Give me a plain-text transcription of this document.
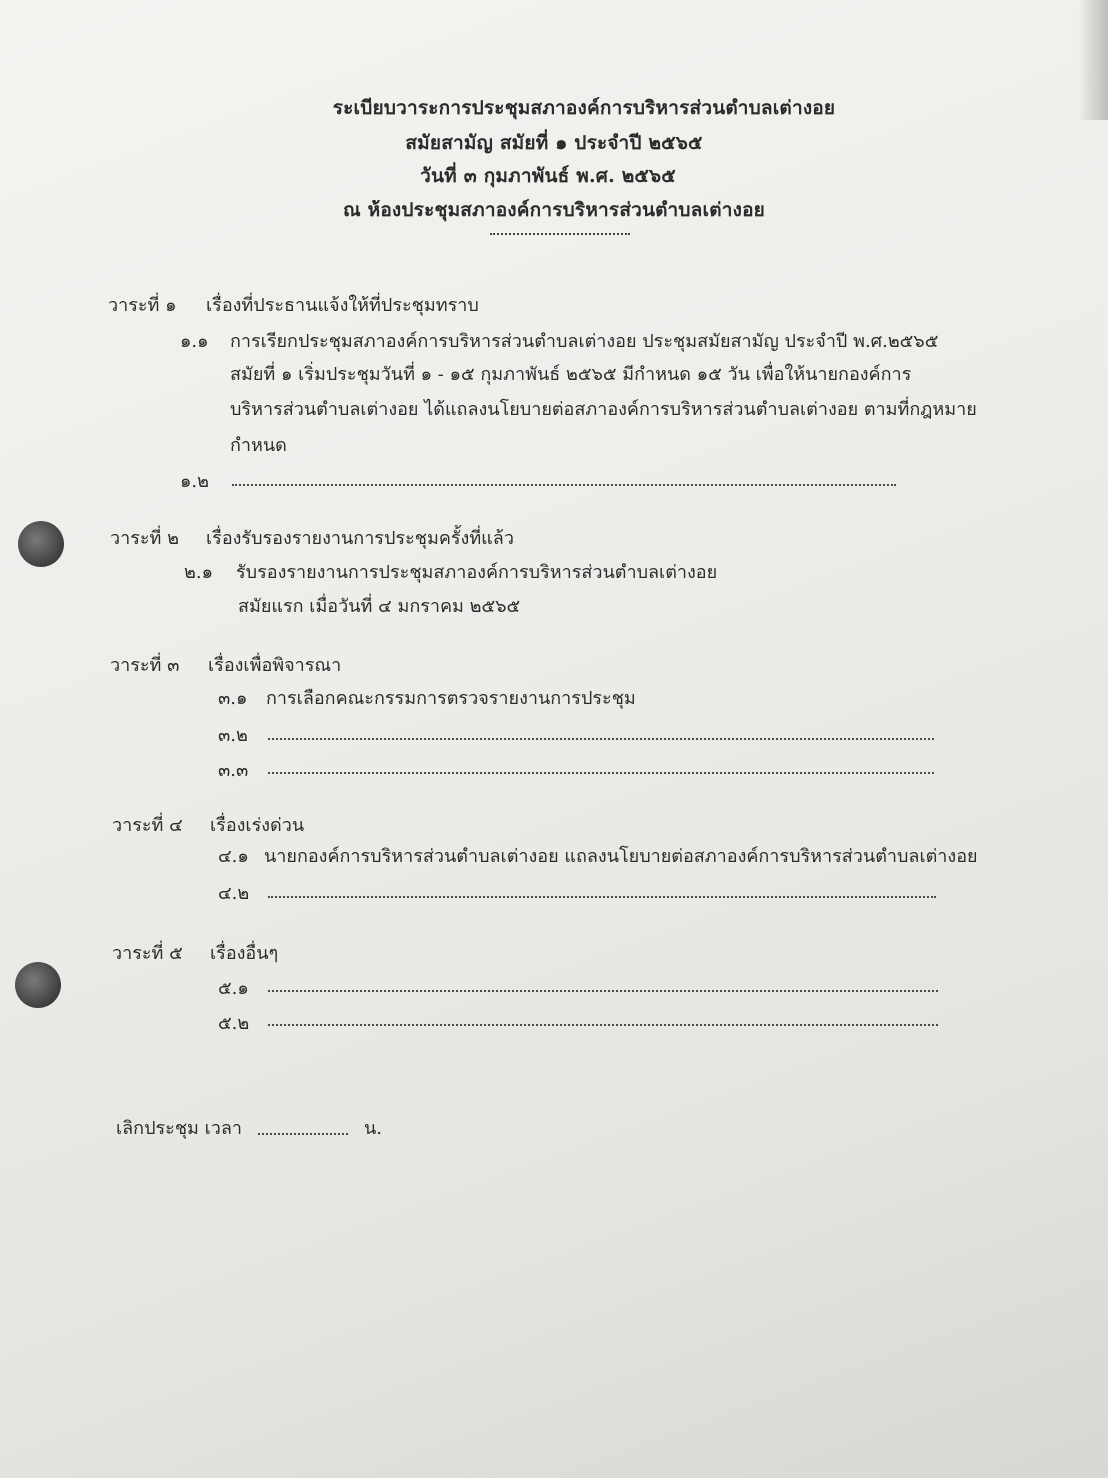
ระเบียบวาระการประชุมสภาองค์การบริหารส่วนตำบลเต่างอย
สมัยสามัญ สมัยที่ ๑ ประจำปี ๒๕๖๕
วันที่ ๓ กุมภาพันธ์ พ.ศ. ๒๕๖๕
ณ ห้องประชุมสภาองค์การบริหารส่วนตำบลเต่างอย
วาระที่ ๑ เรื่องที่ประธานแจ้งให้ที่ประชุมทราบ
๑.๑ การเรียกประชุมสภาองค์การบริหารส่วนตำบลเต่างอย ประชุมสมัยสามัญ ประจำปี พ.ศ.๒๕๖๕
สมัยที่ ๑ เริ่มประชุมวันที่ ๑ - ๑๕ กุมภาพันธ์ ๒๕๖๕ มีกำหนด ๑๕ วัน เพื่อให้นายกองค์การ
บริหารส่วนตำบลเต่างอย ได้แถลงนโยบายต่อสภาองค์การบริหารส่วนตำบลเต่างอย ตามที่กฎหมาย
กำหนด
๑.๒
วาระที่ ๒ เรื่องรับรองรายงานการประชุมครั้งที่แล้ว
๒.๑ รับรองรายงานการประชุมสภาองค์การบริหารส่วนตำบลเต่างอย
สมัยแรก เมื่อวันที่ ๔ มกราคม ๒๕๖๕
วาระที่ ๓ เรื่องเพื่อพิจารณา
๓.๑ การเลือกคณะกรรมการตรวจรายงานการประชุม
๓.๒
๓.๓
วาระที่ ๔ เรื่องเร่งด่วน
๔.๑ นายกองค์การบริหารส่วนตำบลเต่างอย แถลงนโยบายต่อสภาองค์การบริหารส่วนตำบลเต่างอย
๔.๒
วาระที่ ๕ เรื่องอื่นๆ
๕.๑
๕.๒
เลิกประชุม เวลา	น.
